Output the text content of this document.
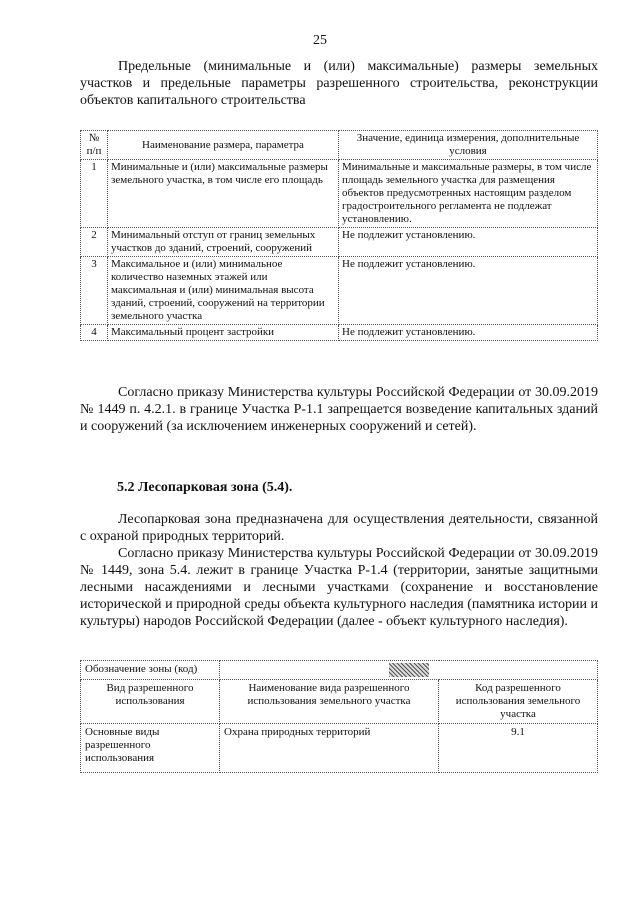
25
Предельные (минимальные и (или) максимальные) размеры земельных участков и предельные параметры разрешенного строительства, реконструкции объектов капитального строительства
№ п/п	Наименование размера, параметра	Значение, единица измерения, дополнительные условия
1	Минимальные и (или) максимальные размеры земельного участка, в том числе его площадь	Минимальные и максимальные размеры, в том числе площадь земельного участка для размещения объектов предусмотренных настоящим разделом градостроительного регламента не подлежат установлению.
2	Минимальный отступ от границ земельных участков до зданий, строений, сооружений	Не подлежит установлению.
3	Максимальное и (или) минимальное количество наземных этажей или максимальная и (или) минимальная высота зданий, строений, сооружений на территории земельного участка	Не подлежит установлению.
4	Максимальный процент застройки	Не подлежит установлению.
Согласно приказу Министерства культуры Российской Федерации от 30.09.2019 № 1449 п. 4.2.1. в границе Участка Р-1.1 запрещается возведение капитальных зданий и сооружений (за исключением инженерных сооружений и сетей).
5.2 Лесопарковая зона (5.4).
Лесопарковая зона предназначена для осуществления деятельности, связанной с охраной природных территорий.
Согласно приказу Министерства культуры Российской Федерации от 30.09.2019 № 1449, зона 5.4. лежит в границе Участка Р-1.4 (территории, занятые защитными лесными насаждениями и лесными участками (сохранение и восстановление исторической и природной среды объекта культурного наследия (памятника истории и культуры) народов Российской Федерации (далее - объект культурного наследия).
Обозначение зоны (код)		
Вид разрешенного использования	Наименование вида разрешенного использования земельного участка	Код разрешенного использования земельного участка
Основные виды разрешенного использования	Охрана природных территорий	9.1
